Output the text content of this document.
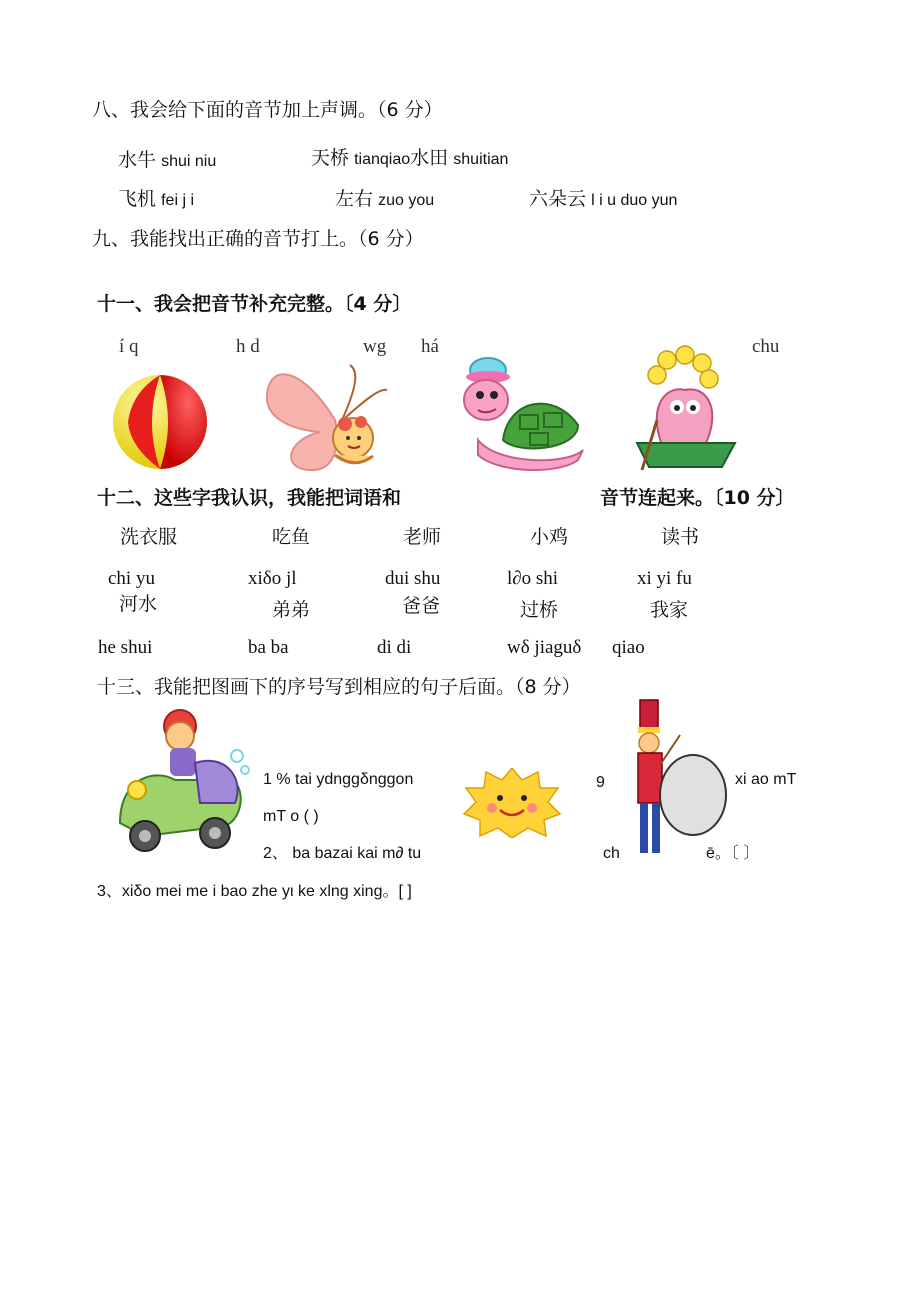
八、我会给下面的音节加上声调。（6 分）
水牛 shui niu	天桥 tianqiao水田 shuitian
飞机 fei j i	左右 zuo you	六朵云 l i u duo yun
九、我能找出正确的音节打上。（6 分）
十一、我会把音节补充完整。〔4 分〕
í q	h d	wg há	chu
十二、这些字我认识，我能把词语和	音节连起来。〔10 分〕
洗衣服	吃鱼	老师	小鸡	读书
chi yu	xiδo jl	dui shu	l∂o shi	xi yi fu
河水	弟弟	爸爸	过桥	我家
he shui	ba ba	di di	wδ jiaguδ qiao
十三、我能把图画下的序号写到相应的句子后面。（8 分）
1 % tai ydnggδnggon
mT o ( )
2、 ba bazai kai m∂ tu
9	xi ao mT
ch	ē。〔 〕
3、xiδo mei me i bao zhe yι ke xlng xing。[ ]
